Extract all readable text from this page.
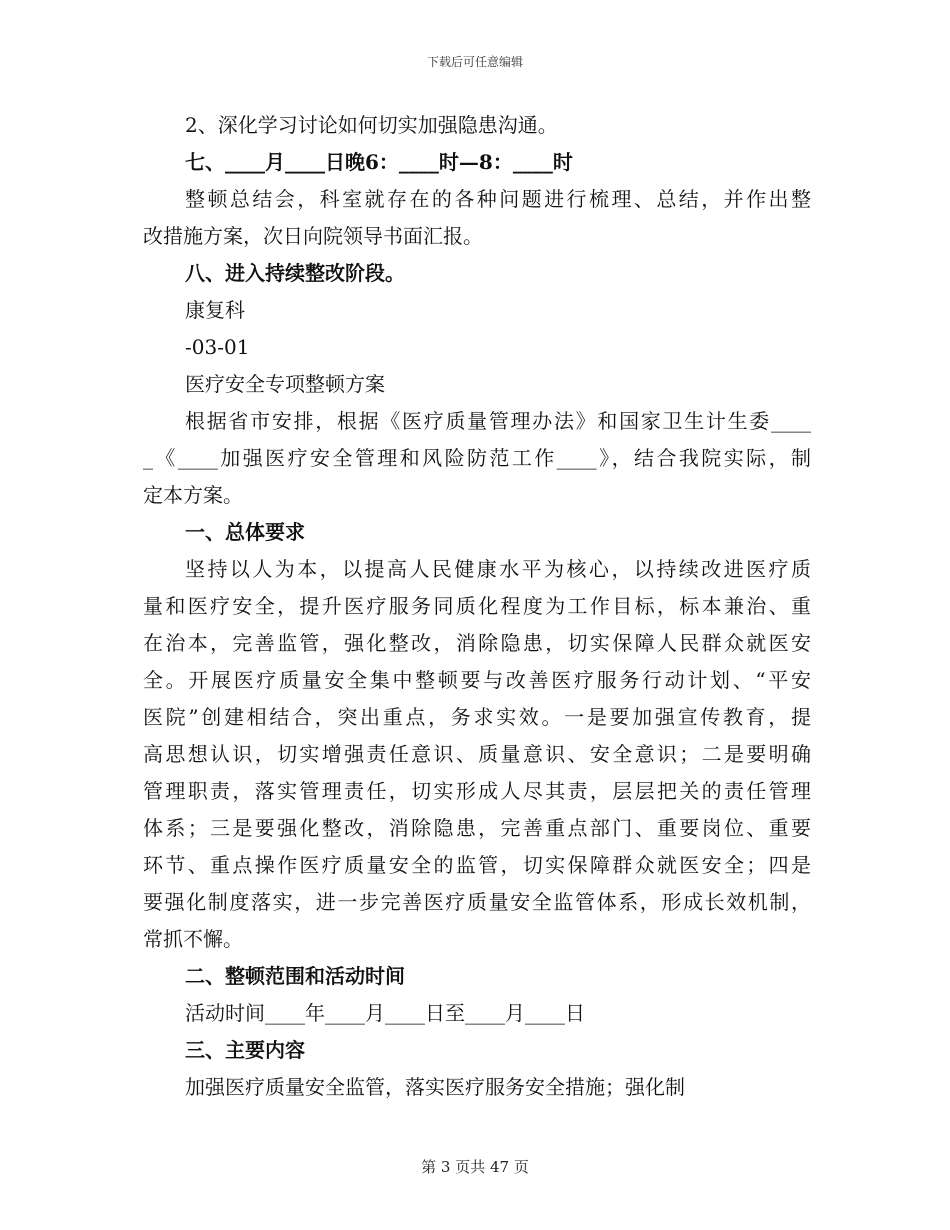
下载后可任意编辑
2、深化学习讨论如何切实加强隐患沟通。
七、____月____日晚6：____时—8：____时
整顿总结会，科室就存在的各种问题进行梳理、总结，并作出整
改措施方案，次日向院领导书面汇报。
八、进入持续整改阶段。
康复科
-03-01
医疗安全专项整顿方案
根据省市安排，根据《医疗质量管理办法》和国家卫生计生委____
_《____加强医疗安全管理和风险防范工作____》，结合我院实际，制
定本方案。
一、总体要求
坚持以人为本，以提高人民健康水平为核心，以持续改进医疗质
量和医疗安全，提升医疗服务同质化程度为工作目标，标本兼治、重
在治本，完善监管，强化整改，消除隐患，切实保障人民群众就医安
全。开展医疗质量安全集中整顿要与改善医疗服务行动计划、“平安
医院”创建相结合，突出重点，务求实效。一是要加强宣传教育，提
高思想认识，切实增强责任意识、质量意识、安全意识；二是要明确
管理职责，落实管理责任，切实形成人尽其责，层层把关的责任管理
体系；三是要强化整改，消除隐患，完善重点部门、重要岗位、重要
环节、重点操作医疗质量安全的监管，切实保障群众就医安全；四是
要强化制度落实，进一步完善医疗质量安全监管体系，形成长效机制，
常抓不懈。
二、整顿范围和活动时间
活动时间____年____月____日至____月____日
三、主要内容
加强医疗质量安全监管，落实医疗服务安全措施；强化制
第 3 页共 47 页
